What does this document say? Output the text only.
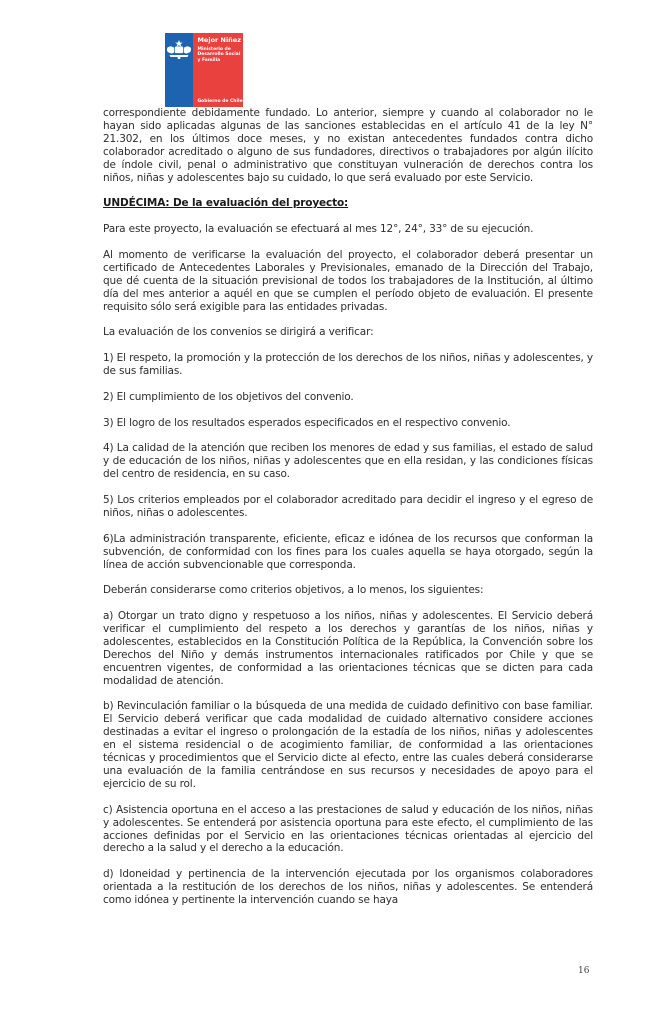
Mejor Niñez
Ministerio de
Desarrollo Social
y Familia
Gobierno de Chile
correspondiente debidamente fundado. Lo anterior, siempre y cuando al colaborador no le hayan sido aplicadas algunas de las sanciones establecidas en el artículo 41 de la ley N° 21.302, en los últimos doce meses, y no existan antecedentes fundados contra dicho colaborador acreditado o alguno de sus fundadores, directivos o trabajadores por algún ilícito de índole civil, penal o administrativo que constituyan vulneración de derechos contra los niños, niñas y adolescentes bajo su cuidado, lo que será evaluado por este Servicio.
UNDÉCIMA: De la evaluación del proyecto:
Para este proyecto, la evaluación se efectuará al mes 12°, 24°, 33° de su ejecución.
Al momento de verificarse la evaluación del proyecto, el colaborador deberá presentar un certificado de Antecedentes Laborales y Previsionales, emanado de la Dirección del Trabajo, que dé cuenta de la situación previsional de todos los trabajadores de la Institución, al último día del mes anterior a aquél en que se cumplen el período objeto de evaluación. El presente requisito sólo será exigible para las entidades privadas.
La evaluación de los convenios se dirigirá a verificar:
1) El respeto, la promoción y la protección de los derechos de los niños, niñas y adolescentes, y de sus familias.
2) El cumplimiento de los objetivos del convenio.
3) El logro de los resultados esperados especificados en el respectivo convenio.
4) La calidad de la atención que reciben los menores de edad y sus familias, el estado de salud y de educación de los niños, niñas y adolescentes que en ella residan, y las condiciones físicas del centro de residencia, en su caso.
5) Los criterios empleados por el colaborador acreditado para decidir el ingreso y el egreso de niños, niñas o adolescentes.
6)La administración transparente, eficiente, eficaz e idónea de los recursos que conforman la subvención, de conformidad con los fines para los cuales aquella se haya otorgado, según la línea de acción subvencionable que corresponda.
Deberán considerarse como criterios objetivos, a lo menos, los siguientes:
a) Otorgar un trato digno y respetuoso a los niños, niñas y adolescentes. El Servicio deberá verificar el cumplimiento del respeto a los derechos y garantías de los niños, niñas y adolescentes, establecidos en la Constitución Política de la República, la Convención sobre los Derechos del Niño y demás instrumentos internacionales ratificados por Chile y que se encuentren vigentes, de conformidad a las orientaciones técnicas que se dicten para cada modalidad de atención.
b) Revinculación familiar o la búsqueda de una medida de cuidado definitivo con base familiar. El Servicio deberá verificar que cada modalidad de cuidado alternativo considere acciones destinadas a evitar el ingreso o prolongación de la estadía de los niños, niñas y adolescentes en el sistema residencial o de acogimiento familiar, de conformidad a las orientaciones técnicas y procedimientos que el Servicio dicte al efecto, entre las cuales deberá considerarse una evaluación de la familia centrándose en sus recursos y necesidades de apoyo para el ejercicio de su rol.
c) Asistencia oportuna en el acceso a las prestaciones de salud y educación de los niños, niñas y adolescentes. Se entenderá por asistencia oportuna para este efecto, el cumplimiento de las acciones definidas por el Servicio en las orientaciones técnicas orientadas al ejercicio del derecho a la salud y el derecho a la educación.
d) Idoneidad y pertinencia de la intervención ejecutada por los organismos colaboradores orientada a la restitución de los derechos de los niños, niñas y adolescentes. Se entenderá como idónea y pertinente la intervención cuando se haya
16
